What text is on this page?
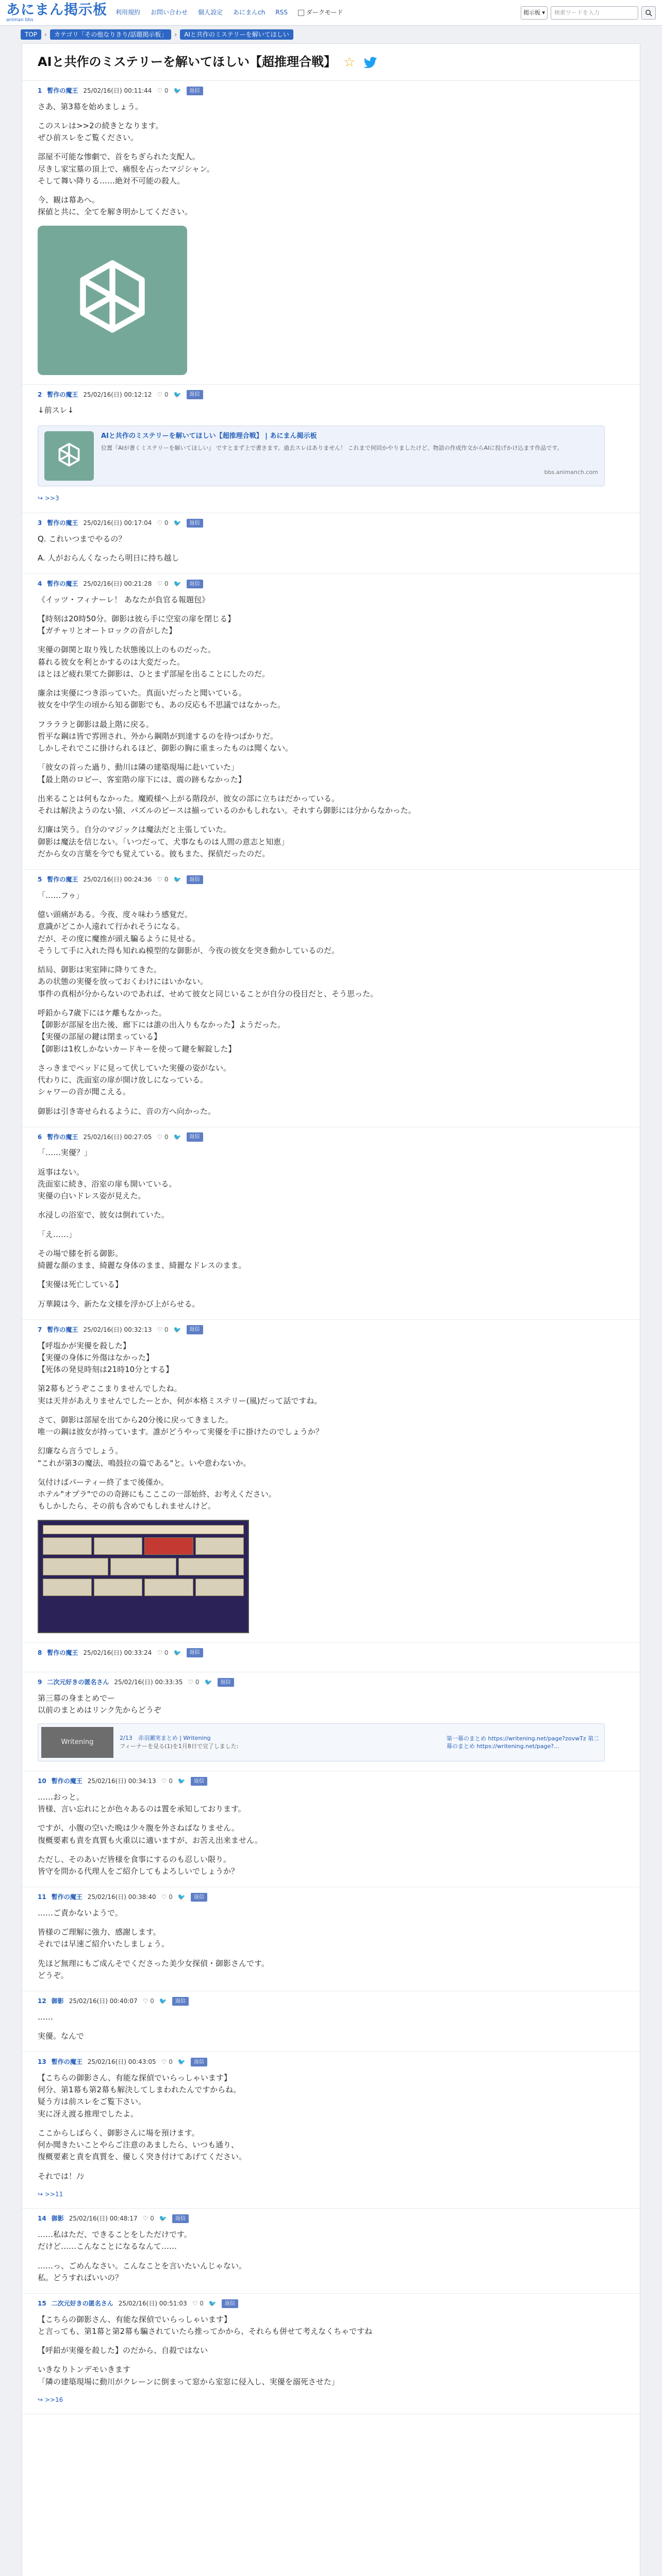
あにまん掲示板
animan bbs
利用規約 お問い合わせ 個人設定 あにまんch RSS	ダークモード	掲示板 ▾	検索ワードを入力
TOP	›	カテゴリ「その他なりきり/話題掲示板」	›	AIと共作のミステリーを解いてほしい
AIと共作のミステリーを解いてほしい【超推理合戦】 ☆
1 暫作の魔王 25/02/16(日) 00:11:44 ♡ 0 🐦	返信

さあ、第3幕を始めましょう。

このスレは>>2の続きとなります。

ぜひ前スレをご覧ください。

部屋不可能な惨劇で、首をちぎられた支配人。

尽きし家宝墓の頂上で、痛恨を占ったマジシャン。

そして舞い降りる……絶対不可能の殺人。

今、観は幕あへ。

探値と共に、全てを解き明かしてください。

2 暫作の魔王 25/02/16(日) 00:12:12 ♡ 0 🐦	返信

↓前スレ↓

AIと共作のミステリーを解いてほしい【超推理合戦】 | あにまん掲示板
位置『AIが書くミステリーを解いてほしい』 ですとまず上で書きます。過去スレはありません！ これまで何回かやりましたけど、物語の作成作文からAIに投げかけ込ます作品です。
bbs.animanch.com
↪ >>3
3 暫作の魔王 25/02/16(日) 00:17:04 ♡ 0 🐦	返信

Q. これいつまでやるの？

A. 人がおらんくなったら明日に持ち越し

4 暫作の魔王 25/02/16(日) 00:21:28 ♡ 0 🐦	返信

《イッツ・フィナーレ！ あなたが負官る報題包》

【時刻は20時50分。御影は彼ら手に空室の扉を閉じる】

【ガチャリとオートロックの音がした】

実優の御関と取り残した状態後以上のものだった。

暮れる彼女を利とかするのは大変だった。

ほとほど疲れ果てた御影は、ひとまず部屋を出ることにしたのだ。

廉余は実優につき添っていた。真面いだったと聞いている。

彼女を中学生の頃から知る御影でも、あの反応も不思議ではなかった。

フラララと御影は最上階に戻る。

哲平な鋼は皆で雰囲され、外から鋼階が到達するのを待つばかりだ。

しかしそれでこに掛けられるほど、御影の胸に重まったものは聞くない。

「彼女の首った過り、動川は隣の建築現場に赴いていた」

【最上階のロビー、客室階の扉下には、震の跡もなかった】

出来ることは何もなかった。魔殿様へ上がる階段が、彼女の部に立ちはだかっている。

それは解決ようのない猿、パズルのピースは揃っているのかもしれない。それすら御影には分からなかった。

幻廉は笑う。自分のマジックは魔法だと主張していた。

御影は魔法を信じない。「いつだって、犬事なものは人間の意志と知恵」

だから女の言葉を今でも覚えている。彼もまた、探偵だったのだ。

5 暫作の魔王 25/02/16(日) 00:24:36 ♡ 0 🐦	返信

「……フゥ」

億い頭痛がある。今夜、度々味わう感覚だ。

意識がどこか人遠れて行かれそうになる。

だが、その度に魔推が頭え騙るように見せる。

そうして手に入れた得も知れぬ模型的な御影が、今夜の彼女を突き動かしているのだ。

結局、御影は実室陣に降りてきた。

あの状態の実優を放っておくわけにはいかない。

事件の真相が分からないのであれば、せめて彼女と同じいることが自分の役目だと、そう思った。

呼鉛から7歳下にはケ離もなかった。

【御影が部屋を出た後、廊下には誰の出入りもなかった】ようだった。

【実優の部屋の鍵は閉まっている】

【御影は1枚しかないカードキーを使って鍵を解錠した】

さっきまでベッドに見って伏していた実優の姿がない。

代わりに、洗面室の扉が開け放しになっている。

シャワーの音が聞こえる。

御影は引き寄せられるように、音の方へ向かった。

6 暫作の魔王 25/02/16(日) 00:27:05 ♡ 0 🐦	返信

「……実優？」

返事はない。

洗面室に続き、浴室の扉も開いている。

実優の白いドレス姿が見えた。

水浸しの浴室で、彼女は倒れていた。

「え……」

その場で膝を折る御影。

綺麗な顔のまま、綺麗な身体のまま、綺麗なドレスのまま。

【実優は死亡している】

万華鏡は今、新たな文様を浮かび上がらせる。

7 暫作の魔王 25/02/16(日) 00:32:13 ♡ 0 🐦	返信

【呼塩かが実優を殺した】

【実優の身体に外傷はなかった】

【死体の発見時刻は21時10分とする】

第2幕もどうぞここまりませんでしたね。

実は天井があえりませんでしたーとか、何が本格ミステリー(風)だって話ですね。

さて、御影は部屋を出てから20分後に戻ってきました。

唯一の鋼は彼女が持っています。誰がどうやって実優を手に掛けたのでしょうか？

幻廉なら言うでしょう。

"これが第3の魔法、鳴鼓拉の篇である"と。いや意わないか。

気付けばパーティー終了まで後僅か。

ホテル"オプラ"でのの奇跡にもこここの一部始終、お考えください。

もしかしたら、その前も含めでもしれませんけど。

8 暫作の魔王 25/02/16(日) 00:33:24 ♡ 0 🐦	返信
9 二次元好きの匿名さん 25/02/16(日) 00:33:35 ♡ 0 🐦	返信

第三幕の身まとめでー

以前のまとめはリンク先からどうぞ

Writening
2/13　赤羽瀬実まとめ | Writening
フィーナーを見る(1)を1月8日で完了しました:
第一幕のまとめ https://writening.net/page?zovwTz 第二幕のまとめ https://writening.net/page?...
10 暫作の魔王 25/02/16(日) 00:34:13 ♡ 0 🐦	返信

……おっと。

皆様、言い忘れにとが色々あるのは置を承知しております。

ですが、小腹の空いた晩は少々腹を外さねばなりません。

復概要素も責を真質も火重以に適いますが、お苦え出来ません。

ただし、そのあいだ皆様を食事にするのも忍しい限り。

皆守を問かる代理人をご紹介してもよろしいでしょうか？

11 暫作の魔王 25/02/16(日) 00:38:40 ♡ 0 🐦	返信

……ご責かないようで。

皆様のご理解に強力、感謝します。

それでは早速ご紹介いたしましょう。

先ほど無理にもご成んそでくださった美少女探偵・御影さんです。

どうぞ。

12 御影 25/02/16(日) 00:40:07 ♡ 0 🐦	返信

……

実優。なんで

13 暫作の魔王 25/02/16(日) 00:43:05 ♡ 0 🐦	返信

【こちらの御影さん、有能な探偵でいらっしゃいます】

何分、第1幕も第2幕も解決してしまわれたんですからね。

疑う方は前スレをご覧下さい。

実に冴え渡る推理でしたよ。

ここからしばらく、御影さんに場を預けます。

何か聞きたいことやらご注意のあましたら、いつも通り、

復概要素と責を真質を、優しく突き付けてあげてください。

それでは！ﾉｼ

↪ >>11
14 御影 25/02/16(日) 00:48:17 ♡ 0 🐦	返信

……私はただ、できることをしただけです。

だけど……こんなことになるなんて……

……っ、ごめんなさい。こんなことを言いたいんじゃない。

私。どうすればいいの？

15 二次元好きの匿名さん 25/02/16(日) 00:51:03 ♡ 0 🐦	返信

【こちらの御影さん、有能な探偵でいらっしゃいます】

と言っても、第1幕と第2幕も騙されていたら推ってかから、それらも併せて考えなくちゃですね

【呼鉛が実優を殺した】のだから、自殺ではない

いきなりトンデモいきます

「隣の建築現場に動川がクレーンに倒まって窓から室窓に侵入し、実優を溺死させた」

↪ >>16
